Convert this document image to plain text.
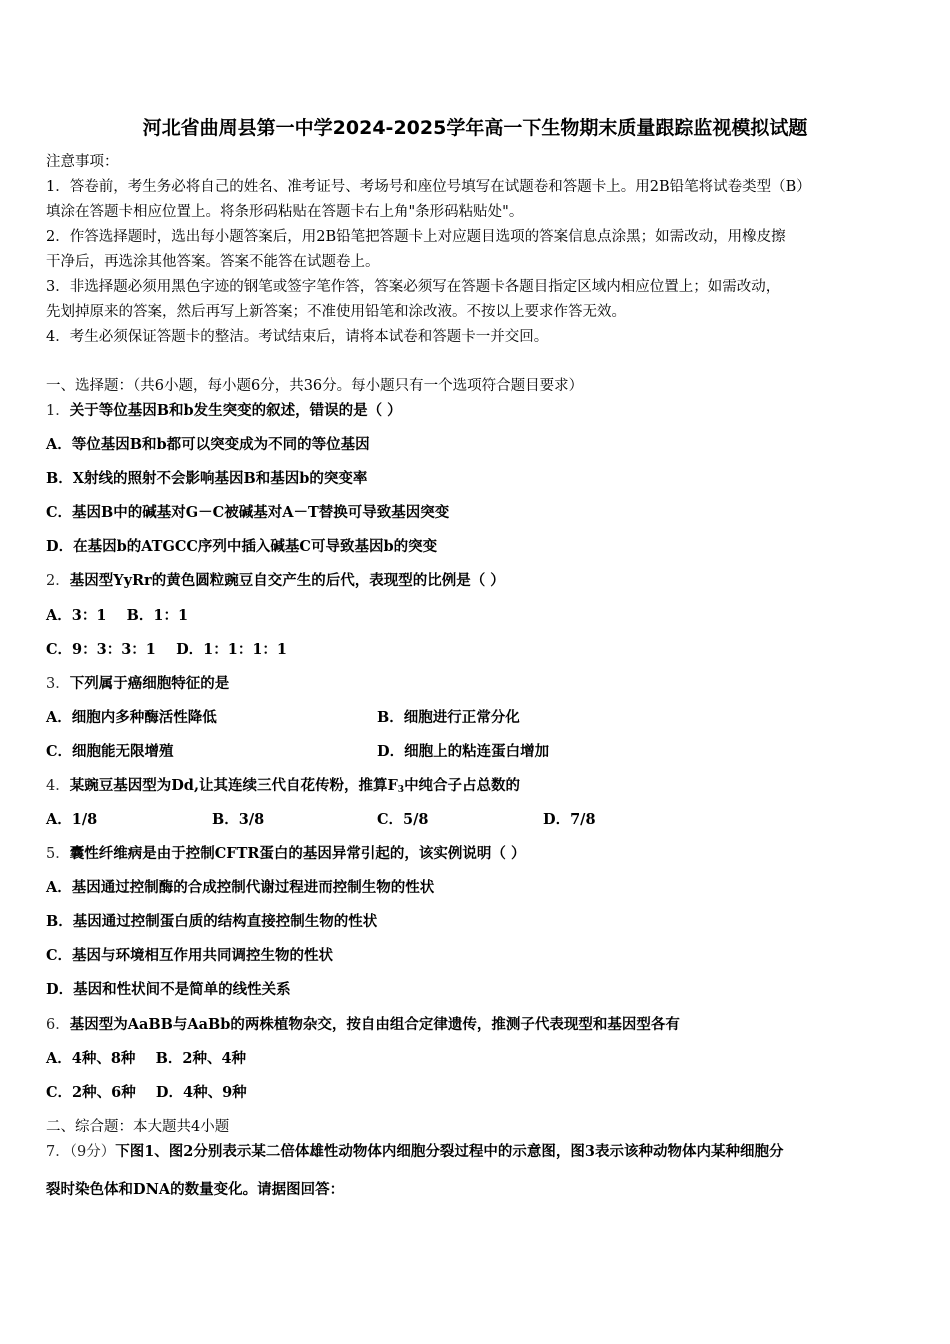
河北省曲周县第一中学2024-2025学年高一下生物期末质量跟踪监视模拟试题
注意事项：
1．答卷前，考生务必将自己的姓名、准考证号、考场号和座位号填写在试题卷和答题卡上。用2B铅笔将试卷类型（B）
填涂在答题卡相应位置上。将条形码粘贴在答题卡右上角"条形码粘贴处"。
2．作答选择题时，选出每小题答案后，用2B铅笔把答题卡上对应题目选项的答案信息点涂黑；如需改动，用橡皮擦
干净后，再选涂其他答案。答案不能答在试题卷上。
3．非选择题必须用黑色字迹的钢笔或签字笔作答，答案必须写在答题卡各题目指定区域内相应位置上；如需改动，
先划掉原来的答案，然后再写上新答案；不准使用铅笔和涂改液。不按以上要求作答无效。
4．考生必须保证答题卡的整洁。考试结束后，请将本试卷和答题卡一并交回。
一、选择题：（共6小题，每小题6分，共36分。每小题只有一个选项符合题目要求）
1．关于等位基因B和b发生突变的叙述，错误的是（ ）
A．等位基因B和b都可以突变成为不同的等位基因
B．X射线的照射不会影响基因B和基因b的突变率
C．基因B中的碱基对G－C被碱基对A－T替换可导致基因突变
D．在基因b的ATGCC序列中插入碱基C可导致基因b的突变
2．基因型YyRr的黄色圆粒豌豆自交产生的后代，表现型的比例是（ ）
A．3：1    B．1：1
C．9：3：3：1    D．1：1：1：1
3．下列属于癌细胞特征的是
A．细胞内多种酶活性降低	B．细胞进行正常分化
C．细胞能无限增殖	D．细胞上的粘连蛋白增加
4．某豌豆基因型为Dd,让其连续三代自花传粉，推算$F_3$中纯合子占总数的
A．1/8	B．3/8	C．5/8	D．7/8
5．囊性纤维病是由于控制CFTR蛋白的基因异常引起的，该实例说明（ ）
A．基因通过控制酶的合成控制代谢过程进而控制生物的性状
B．基因通过控制蛋白质的结构直接控制生物的性状
C．基因与环境相互作用共同调控生物的性状
D．基因和性状间不是简单的线性关系
6．基因型为AaBB与AaBb的两株植物杂交，按自由组合定律遗传，推测子代表现型和基因型各有
A．4种、8种    B．2种、4种
C．2种、6种    D．4种、9种
二、综合题：本大题共4小题
7．（9分）下图1、图2分别表示某二倍体雄性动物体内细胞分裂过程中的示意图，图3表示该种动物体内某种细胞分
裂时染色体和DNA的数量变化。请据图回答：
